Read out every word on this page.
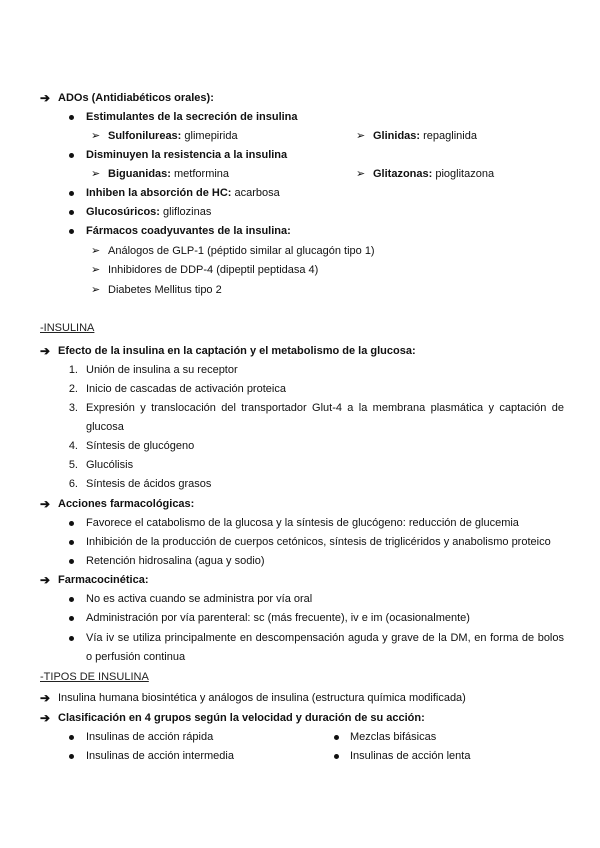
➔ ADOs (Antidiabéticos orales):
Estimulantes de la secreción de insulina
➢ Sulfonilureas: glimepirida	➢ Glinidas: repaglinida
Disminuyen la resistencia a la insulina
➢ Biguanidas: metformina	➢ Glitazonas: pioglitazona
Inhiben la absorción de HC: acarbosa
Glucosúricos: gliflozinas
Fármacos coadyuvantes de la insulina:
➢ Análogos de GLP-1 (péptido similar al glucagón tipo 1)
➢ Inhibidores de DDP-4 (dipeptil peptidasa 4)
➢ Diabetes Mellitus tipo 2
-INSULINA
➔ Efecto de la insulina en la captación y el metabolismo de la glucosa:
1. Unión de insulina a su receptor
2. Inicio de cascadas de activación proteica
3. Expresión y translocación del transportador Glut-4 a la membrana plasmática y captación de glucosa
4. Síntesis de glucógeno
5. Glucólisis
6. Síntesis de ácidos grasos
➔ Acciones farmacológicas:
Favorece el catabolismo de la glucosa y la síntesis de glucógeno: reducción de glucemia
Inhibición de la producción de cuerpos cetónicos, síntesis de triglicéridos y anabolismo proteico
Retención hidrosalina (agua y sodio)
➔ Farmacocinética:
No es activa cuando se administra por vía oral
Administración por vía parenteral: sc (más frecuente), iv e im (ocasionalmente)
Vía iv se utiliza principalmente en descompensación aguda y grave de la DM, en forma de bolos o perfusión continua
-TIPOS DE INSULINA
➔ Insulina humana biosintética y análogos de insulina (estructura química modificada)
➔ Clasificación en 4 grupos según la velocidad y duración de su acción:
Insulinas de acción rápida	Mezclas bifásicas
Insulinas de acción intermedia	Insulinas de acción lenta
